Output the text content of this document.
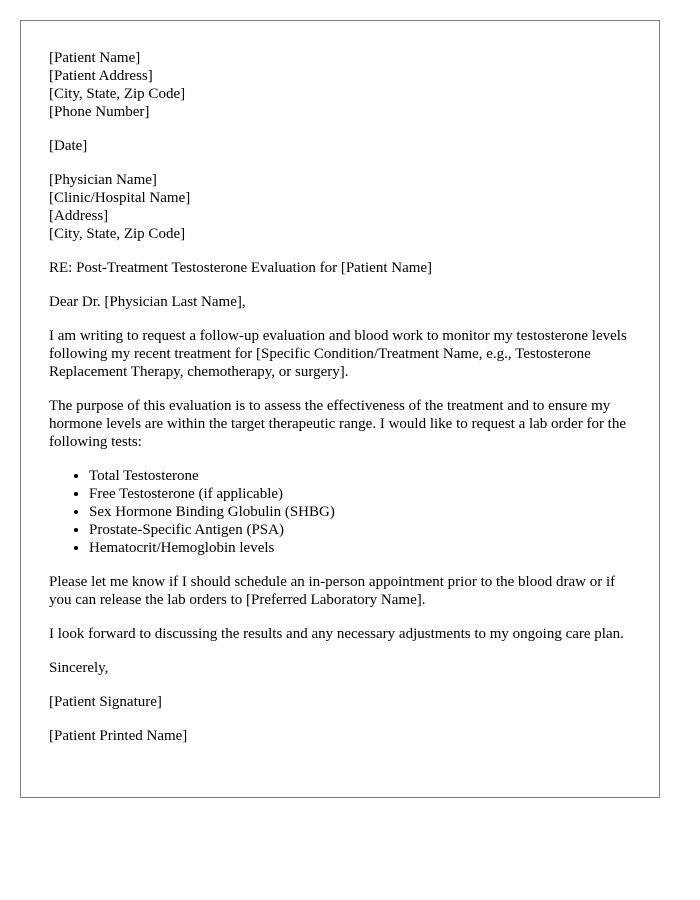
[Patient Name]
[Patient Address]
[City, State, Zip Code]
[Phone Number]

[Date]

[Physician Name]
[Clinic/Hospital Name]
[Address]
[City, State, Zip Code]

RE: Post-Treatment Testosterone Evaluation for [Patient Name]

Dear Dr. [Physician Last Name],

I am writing to request a follow-up evaluation and blood work to monitor my testosterone levels following my recent treatment for [Specific Condition/Treatment Name, e.g., Testosterone Replacement Therapy, chemotherapy, or surgery].

The purpose of this evaluation is to assess the effectiveness of the treatment and to ensure my hormone levels are within the target therapeutic range. I would like to request a lab order for the following tests:

• Total Testosterone
• Free Testosterone (if applicable)
• Sex Hormone Binding Globulin (SHBG)
• Prostate-Specific Antigen (PSA)
• Hematocrit/Hemoglobin levels

Please let me know if I should schedule an in-person appointment prior to the blood draw or if you can release the lab orders to [Preferred Laboratory Name].

I look forward to discussing the results and any necessary adjustments to my ongoing care plan.

Sincerely,

[Patient Signature]

[Patient Printed Name]
